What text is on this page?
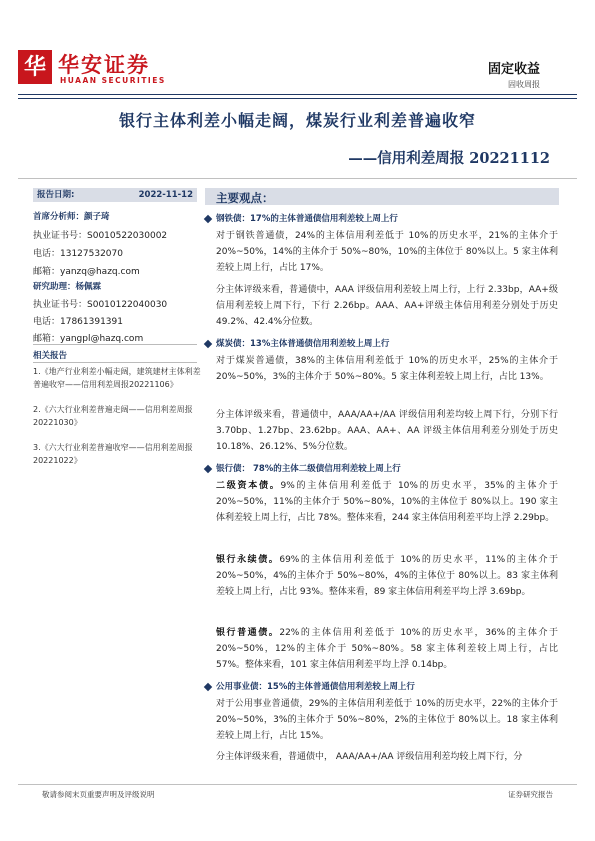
华 华安证券
HUAAN SECURITIES
固定收益
固收周报
银行主体利差小幅走阔，煤炭行业利差普遍收窄
——信用利差周报 20221112
报告日期:	2022-11-12
首席分析师：颜子琦
执业证书号：S0010522030002
电话：13127532070
邮箱：yanzq@hazq.com
研究助理：杨佩霖
执业证书号：S0010122040030
电话：17861391391
邮箱：yangpl@hazq.com
相关报告
1.《地产行业利差小幅走阔，建筑建材主体利差普遍收窄——信用利差周报20221106》
2.《六大行业利差普遍走阔——信用利差周报 20221030》
3.《六大行业利差普遍收窄——信用利差周报 20221022》
主要观点：
钢铁债：17%的主体普通债信用利差较上周上行

对于钢铁普通债，24%的主体信用利差低于 10%的历史水平，21%的主体介于 20%~50%，14%的主体介于 50%~80%，10%的主体位于 80%以上。5 家主体利差较上周上行，占比 17%。

分主体评级来看，普通债中，AAA 评级信用利差较上周上行，上行 2.33bp，AA+级信用利差较上周下行，下行 2.26bp。AAA、AA+评级主体信用利差分别处于历史 49.2%、42.4%分位数。

煤炭债：13%主体普通债信用利差较上周上行

对于煤炭普通债，38%的主体信用利差低于 10%的历史水平，25%的主体介于 20%~50%，3%的主体介于 50%~80%。5 家主体利差较上周上行，占比 13%。

分主体评级来看，普通债中，AAA/AA+/AA 评级信用利差均较上周下行，分别下行 3.70bp、1.27bp、23.62bp。AAA、AA+、AA 评级主体信用利差分别处于历史 10.18%、26.12%、5%分位数。

银行债： 78%的主体二级债信用利差较上周上行

二级资本债。9%的主体信用利差低于 10%的历史水平，35%的主体介于 20%~50%，11%的主体介于 50%~80%，10%的主体位于 80%以上。190 家主体利差较上周上行，占比 78%。整体来看，244 家主体信用利差平均上浮 2.29bp。

银行永续债。69%的主体信用利差低于 10%的历史水平，11%的主体介于 20%~50%，4%的主体介于 50%~80%，4%的主体位于 80%以上。83 家主体利差较上周上行，占比 93%。整体来看，89 家主体信用利差平均上浮 3.69bp。

银行普通债。22%的主体信用利差低于 10%的历史水平，36%的主体介于 20%~50%，12%的主体介于 50%~80%。58 家主体利差较上周上行，占比 57%。整体来看，101 家主体信用利差平均上浮 0.14bp。

公用事业债：15%的主体普通债信用利差较上周上行

对于公用事业普通债，29%的主体信用利差低于 10%的历史水平，22%的主体介于 20%~50%，3%的主体介于 50%~80%，2%的主体位于 80%以上。18 家主体利差较上周上行，占比 15%。

分主体评级来看，普通债中， AAA/AA+/AA 评级信用利差均较上周下行，分

敬请参阅末页重要声明及评级说明	证券研究报告
